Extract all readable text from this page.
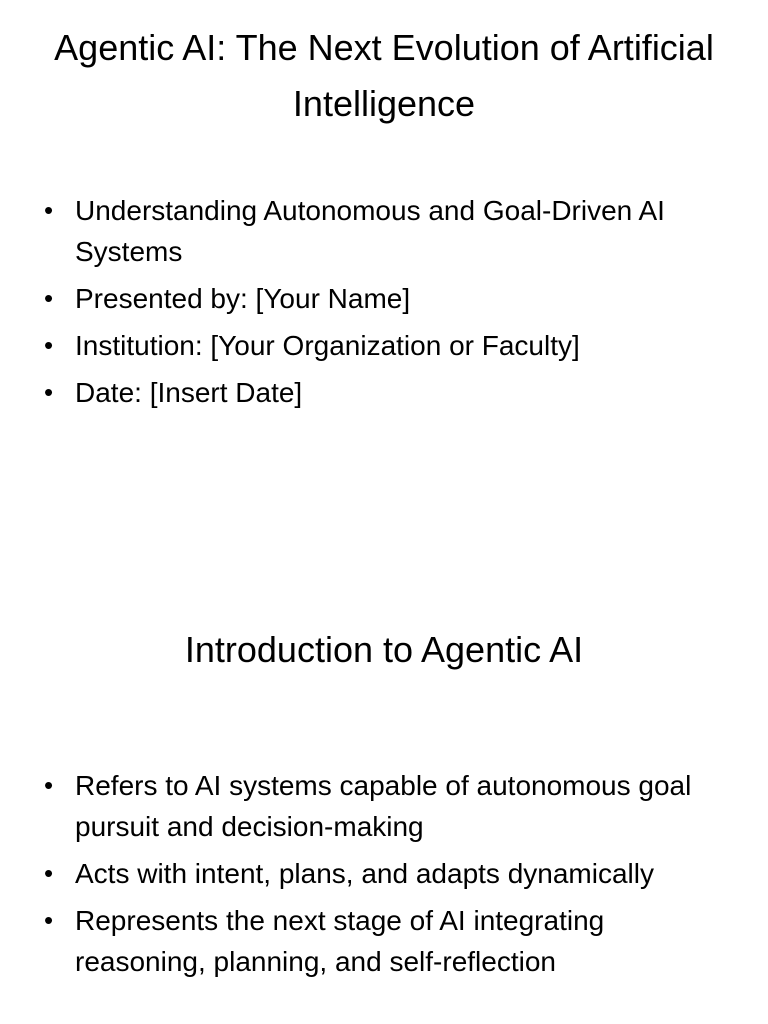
Agentic AI: The Next Evolution of Artificial Intelligence
• Understanding Autonomous and Goal-Driven AI Systems
• Presented by: [Your Name]
• Institution: [Your Organization or Faculty]
• Date: [Insert Date]
Introduction to Agentic AI
• Refers to AI systems capable of autonomous goal pursuit and decision-making
• Acts with intent, plans, and adapts dynamically
• Represents the next stage of AI integrating reasoning, planning, and self-reflection
